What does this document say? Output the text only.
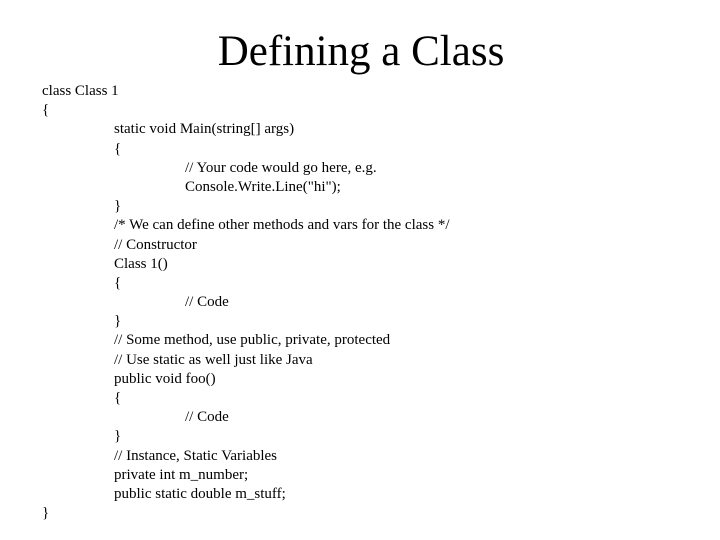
Defining a Class
class Class 1
{
static void Main(string[] args)
{
// Your code would go here, e.g.
Console.Write.Line("hi");
}
/* We can define other methods and vars for the class */
// Constructor
Class 1()
{
// Code
}
// Some method, use public, private, protected
// Use static as well just like Java
public void foo()
{
// Code
}
// Instance, Static Variables
private int m_number;
public static double m_stuff;
}
